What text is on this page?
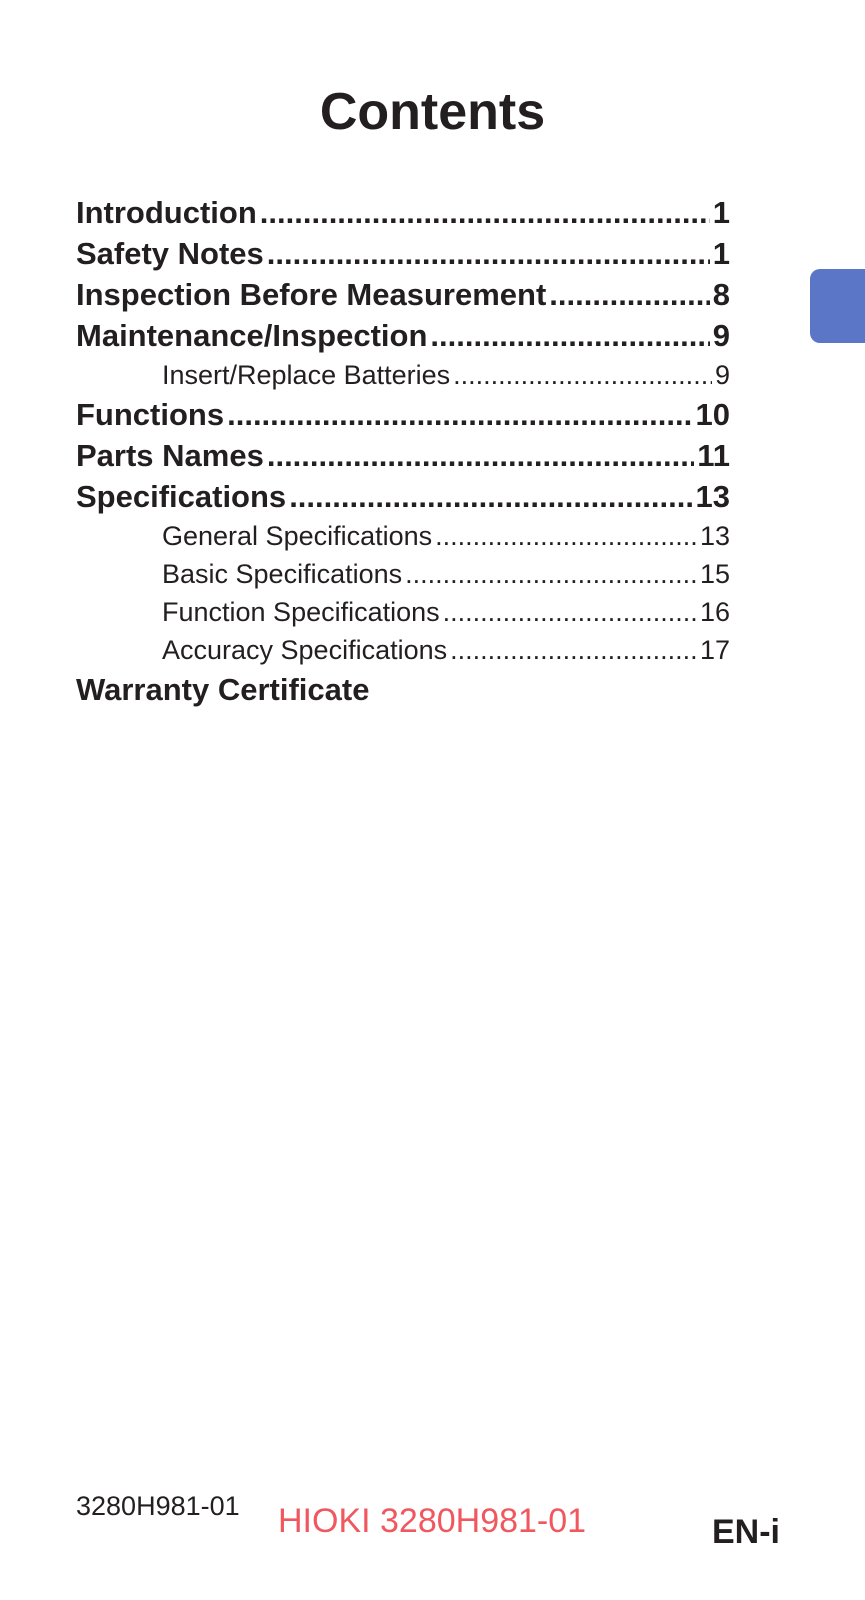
Contents
Introduction .....	1
Safety Notes .....	1
Inspection Before Measurement .....	8
Maintenance/Inspection .....	9
Insert/Replace Batteries .....	9
Functions .....	10
Parts Names .....	11
Specifications .....	13
General Specifications .....	13
Basic Specifications .....	15
Function Specifications .....	16
Accuracy Specifications .....	17
Warranty Certificate
3280H981-01 HIOKI 3280H981-01	EN-i
